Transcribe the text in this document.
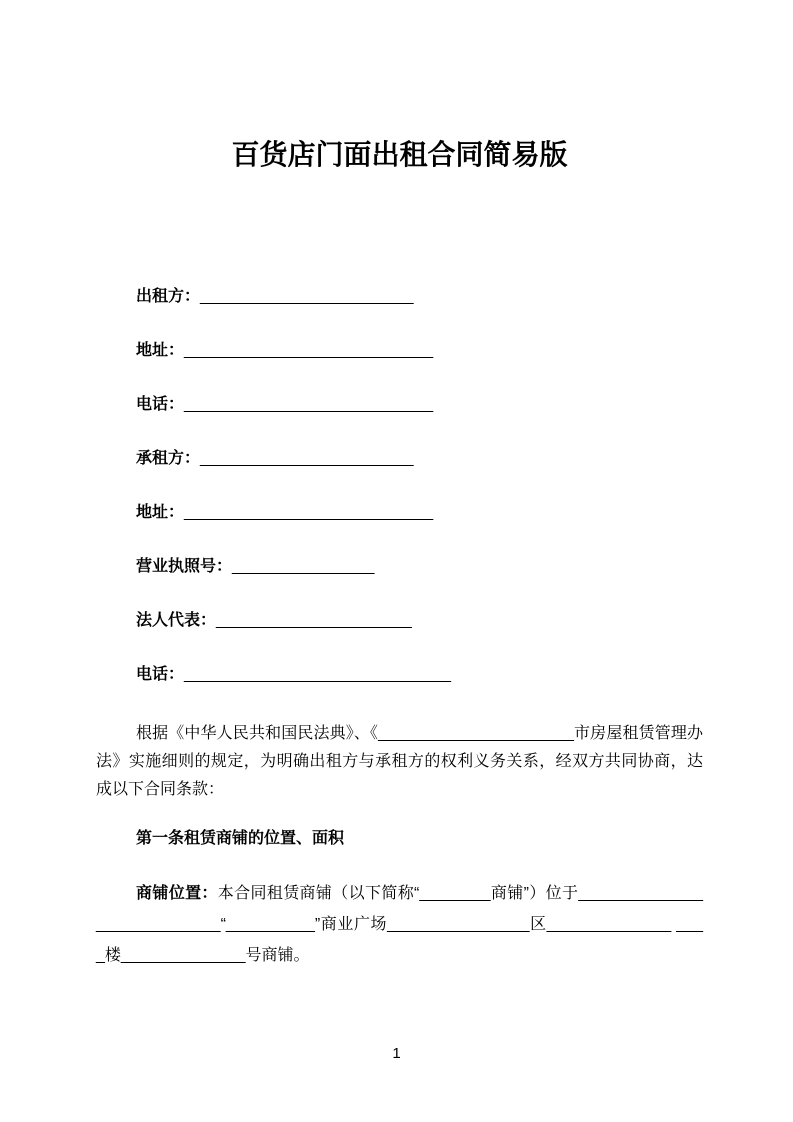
百货店门面出租合同简易版
出租方：________________________
地址：____________________________
电话：____________________________
承租方：________________________
地址：____________________________
营业执照号：________________
法人代表：______________________
电话：______________________________

根据《中华人民共和国民法典》、《______________________市房屋租赁管理办法》实施细则的规定，为明确出租方与承租方的权利义务关系，经双方共同协商，达成以下合同条款：

第一条租赁商铺的位置、面积

商铺位置：本合同租赁商铺（以下简称“________商铺”）位于______________ ______________“__________”商业广场________________区______________ ____楼______________号商铺。

1
